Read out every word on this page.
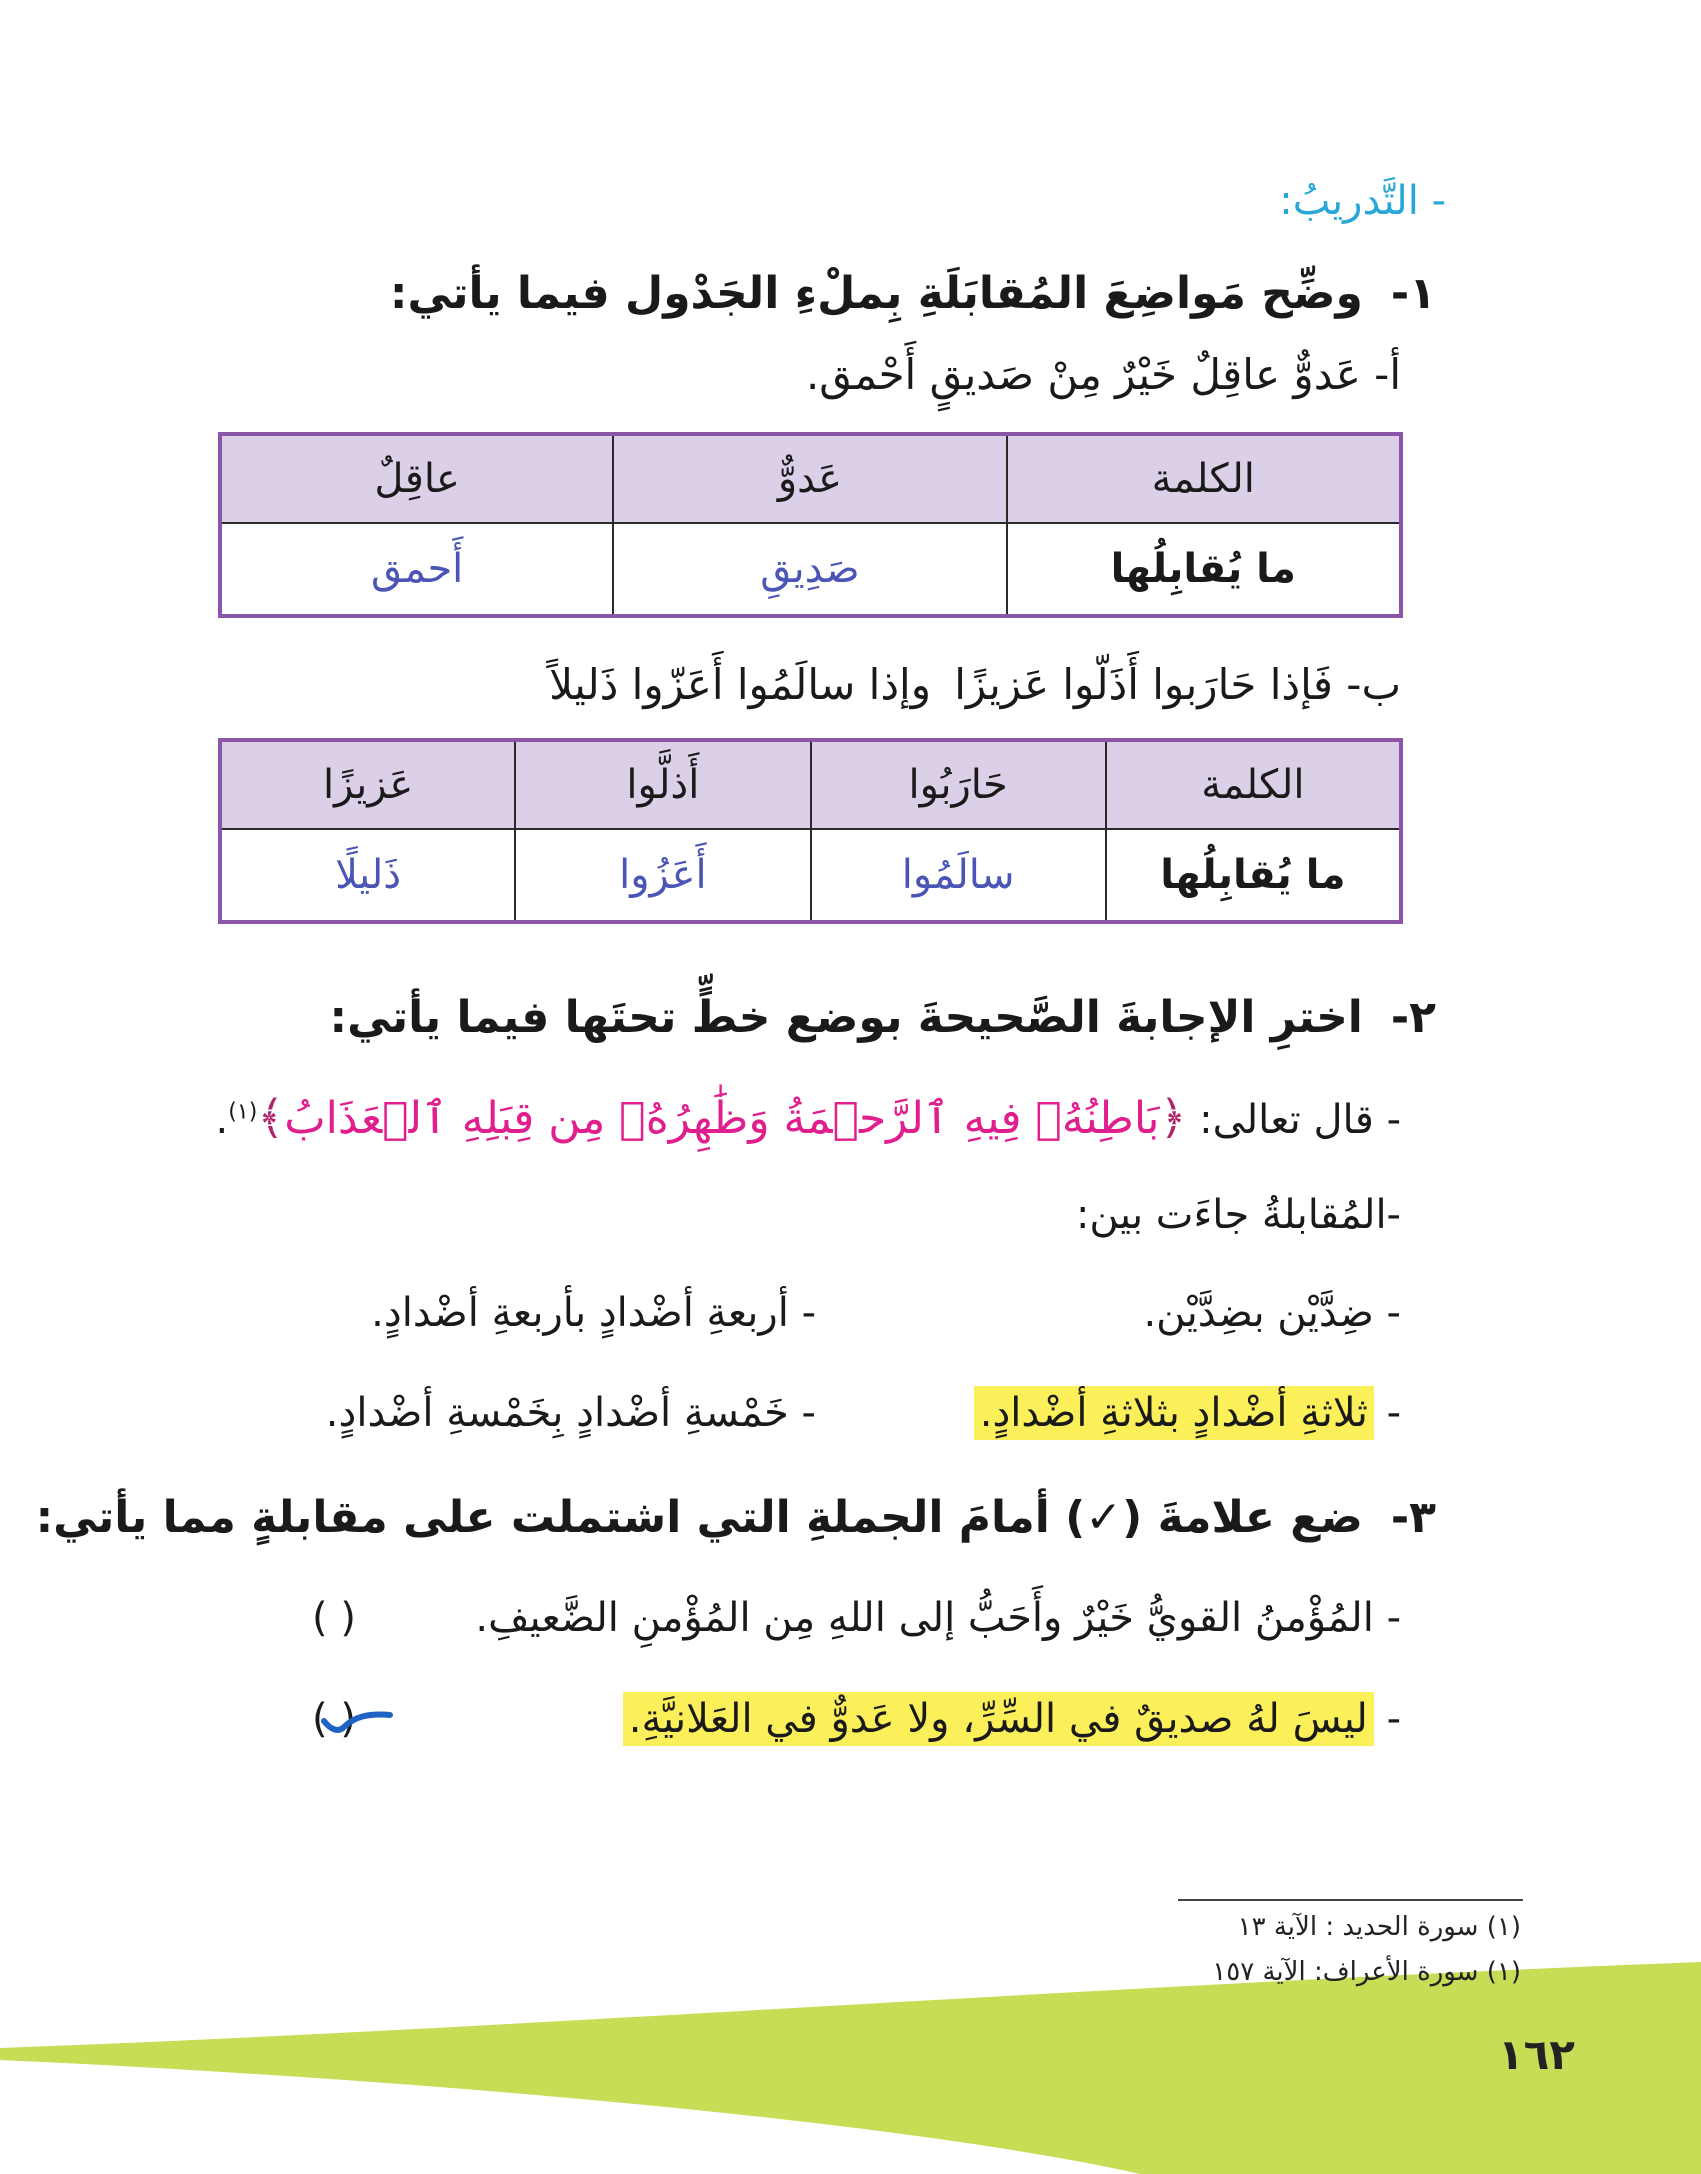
- التَّدريبُ:
١-وضِّح مَواضِعَ المُقابَلَةِ بِملْءِ الجَدْول فيما يأتي:
أ- عَدوٌّ عاقِلٌ خَيْرٌ مِنْ صَديقٍ أَحْمق.
الكلمة	عَدوٌّ	عاقِلٌ
ما يُقابِلُها	صَدِيقِ	أَحمق
ب- فَإذا حَارَبوا أَذَلّوا عَزيزًا
وإذا سالَمُوا أَعَزّوا ذَليلاً
الكلمة	حَارَبُوا	أَذلَّوا	عَزيزًا
ما يُقابِلُها	سالَمُوا	أَعَزُوا	ذَليلًا
٢-اخترِ الإجابةَ الصَّحيحةَ بوضع خطٍّ تحتَها فيما يأتي:
- قال تعالى: ﴿بَاطِنُهُۥ فِيهِ ٱلرَّحۡمَةُ وَظَٰهِرُهُۥ مِن قِبَلِهِ ٱلۡعَذَابُ﴾$^{(١)}$.
-المُقابلةُ جاءَت بين:
- ضِدَّيْن بضِدَّيْن.
- أربعةِ أضْدادٍ بأربعةِ أضْدادٍ.
- ثلاثةِ أضْدادٍ بثلاثةِ أضْدادٍ.
- خَمْسةِ أضْدادٍ بِخَمْسةِ أضْدادٍ.
٣-ضع علامةَ (✓) أمامَ الجملةِ التي اشتملت على مقابلةٍ مما يأتي:
- المُؤْمنُ القويُّ خَيْرٌ وأَحَبُّ إلى اللهِ مِن المُؤْمنِ الضَّعيفِ.
( )
- ليسَ لهُ صديقٌ في السِّرِّ، ولا عَدوٌّ في العَلانيَّةِ.
( )
(١) سورة الحديد : الآية ١٣
(١) سورة الأعراف: الآية ١٥٧
١٦٢
